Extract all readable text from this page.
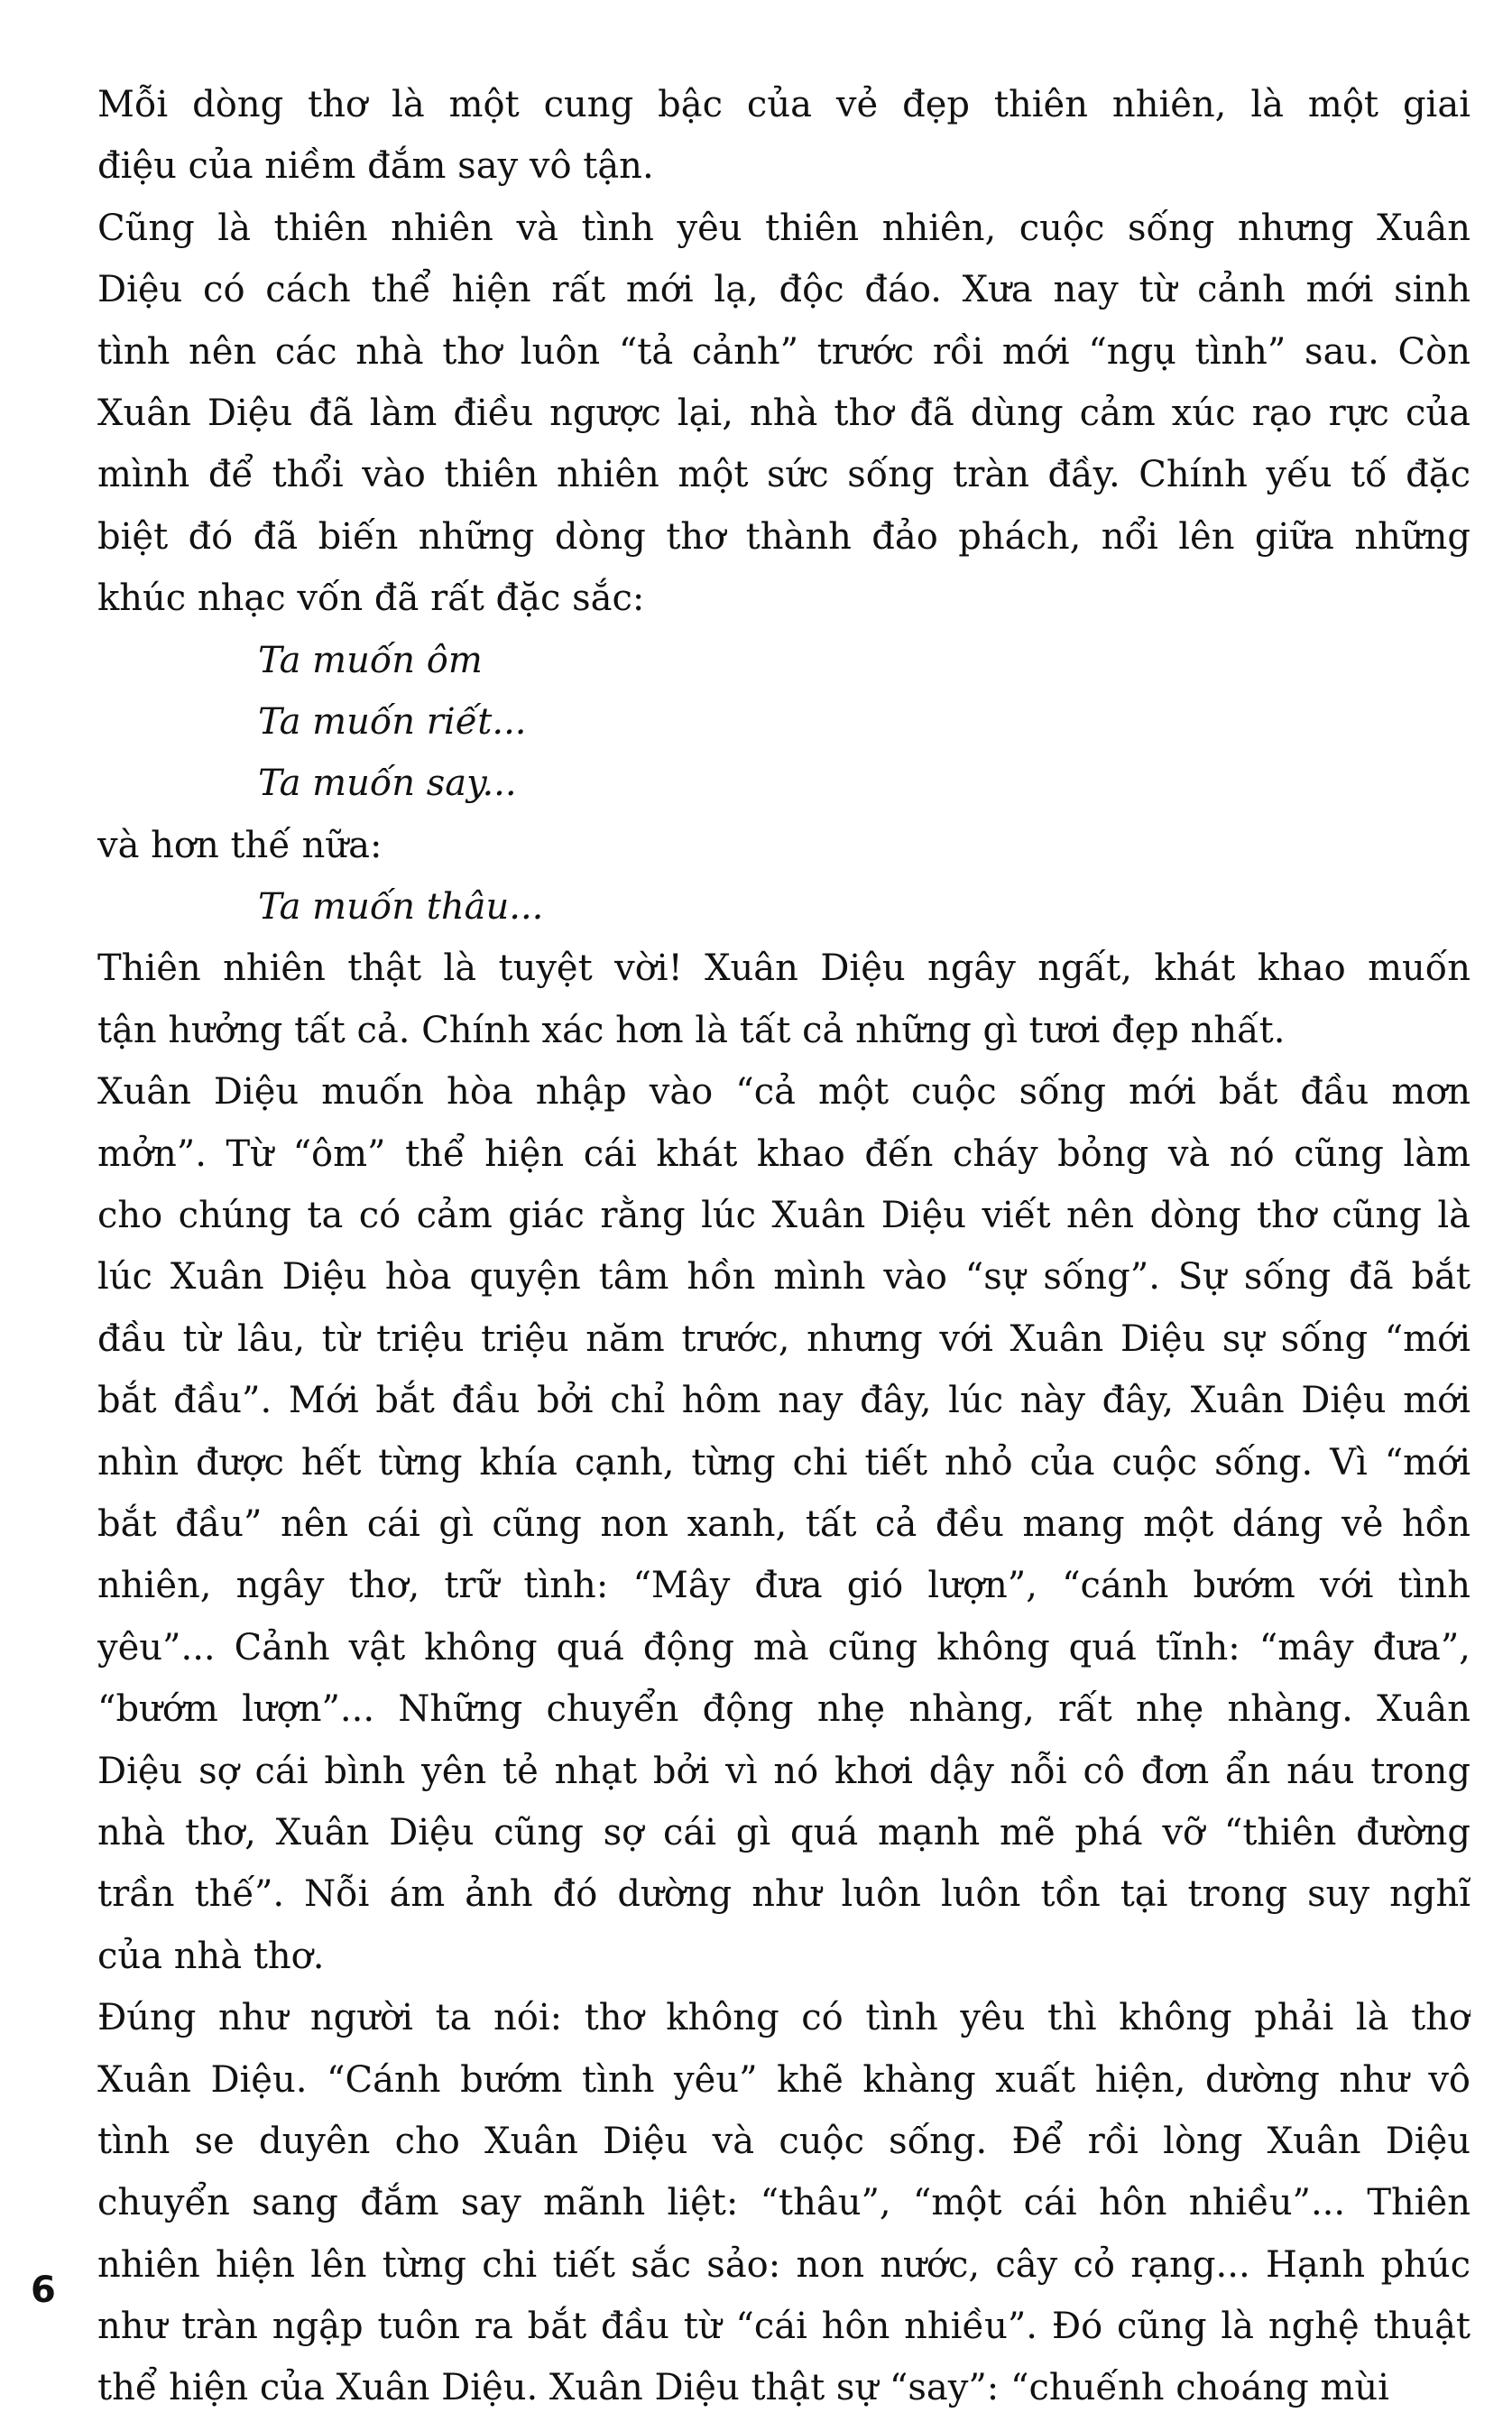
Mỗi dòng thơ là một cung bậc của vẻ đẹp thiên nhiên, là một giai
điệu của niềm đắm say vô tận.
Cũng là thiên nhiên và tình yêu thiên nhiên, cuộc sống nhưng Xuân
Diệu có cách thể hiện rất mới lạ, độc đáo. Xưa nay từ cảnh mới sinh
tình nên các nhà thơ luôn “tả cảnh” trước rồi mới “ngụ tình” sau. Còn
Xuân Diệu đã làm điều ngược lại, nhà thơ đã dùng cảm xúc rạo rực của
mình để thổi vào thiên nhiên một sức sống tràn đầy. Chính yếu tố đặc
biệt đó đã biến những dòng thơ thành đảo phách, nổi lên giữa những
khúc nhạc vốn đã rất đặc sắc:
Ta muốn ôm
Ta muốn riết...
Ta muốn say...
và hơn thế nữa:
Ta muốn thâu...
Thiên nhiên thật là tuyệt vời! Xuân Diệu ngây ngất, khát khao muốn
tận hưởng tất cả. Chính xác hơn là tất cả những gì tươi đẹp nhất.
Xuân Diệu muốn hòa nhập vào “cả một cuộc sống mới bắt đầu mơn
mởn”. Từ “ôm” thể hiện cái khát khao đến cháy bỏng và nó cũng làm
cho chúng ta có cảm giác rằng lúc Xuân Diệu viết nên dòng thơ cũng là
lúc Xuân Diệu hòa quyện tâm hồn mình vào “sự sống”. Sự sống đã bắt
đầu từ lâu, từ triệu triệu năm trước, nhưng với Xuân Diệu sự sống “mới
bắt đầu”. Mới bắt đầu bởi chỉ hôm nay đây, lúc này đây, Xuân Diệu mới
nhìn được hết từng khía cạnh, từng chi tiết nhỏ của cuộc sống. Vì “mới
bắt đầu” nên cái gì cũng non xanh, tất cả đều mang một dáng vẻ hồn
nhiên, ngây thơ, trữ tình: “Mây đưa gió lượn”, “cánh bướm với tình
yêu”... Cảnh vật không quá động mà cũng không quá tĩnh: “mây đưa”,
“bướm lượn”... Những chuyển động nhẹ nhàng, rất nhẹ nhàng. Xuân
Diệu sợ cái bình yên tẻ nhạt bởi vì nó khơi dậy nỗi cô đơn ẩn náu trong
nhà thơ, Xuân Diệu cũng sợ cái gì quá mạnh mẽ phá vỡ “thiên đường
trần thế”. Nỗi ám ảnh đó dường như luôn luôn tồn tại trong suy nghĩ
của nhà thơ.
Đúng như người ta nói: thơ không có tình yêu thì không phải là thơ
Xuân Diệu. “Cánh bướm tình yêu” khẽ khàng xuất hiện, dường như vô
tình se duyên cho Xuân Diệu và cuộc sống. Để rồi lòng Xuân Diệu
chuyển sang đắm say mãnh liệt: “thâu”, “một cái hôn nhiều”... Thiên
nhiên hiện lên từng chi tiết sắc sảo: non nước, cây cỏ rạng... Hạnh phúc
như tràn ngập tuôn ra bắt đầu từ “cái hôn nhiều”. Đó cũng là nghệ thuật
thể hiện của Xuân Diệu. Xuân Diệu thật sự “say”: “chuếnh choáng mùi
6
